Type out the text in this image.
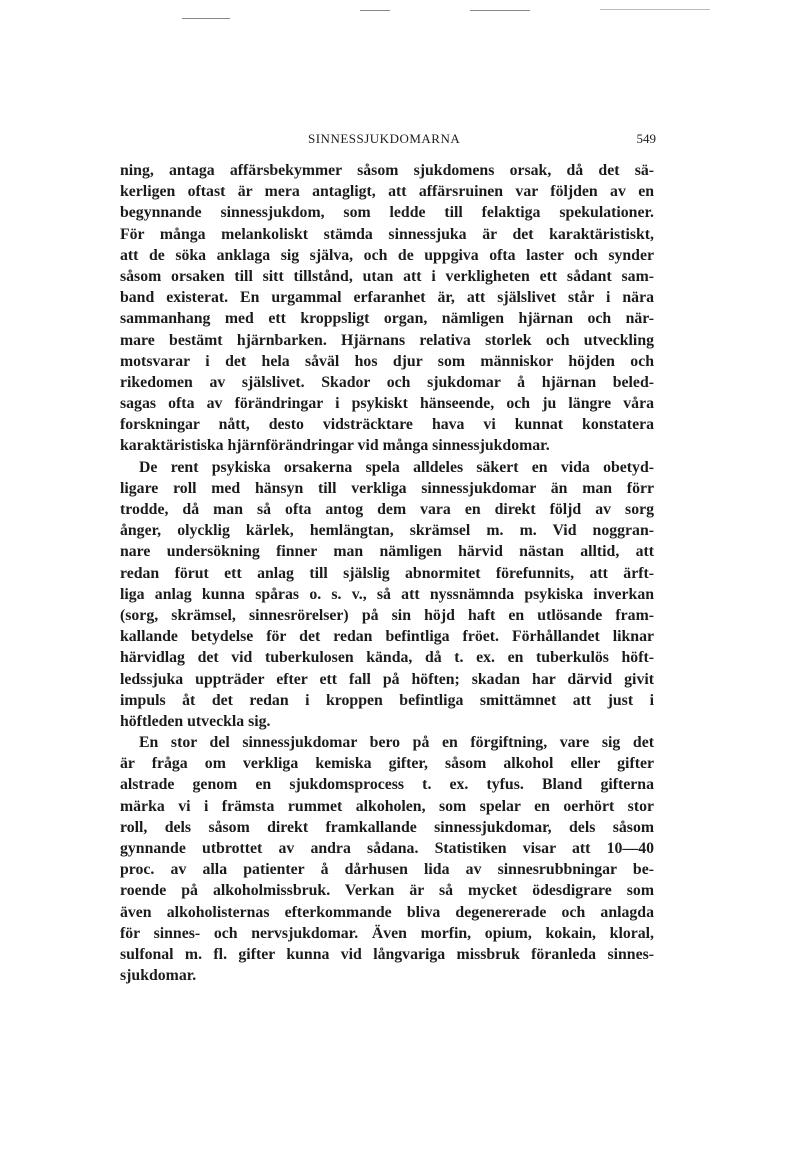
SINNESSJUKDOMARNA	549
ning, antaga affärsbekymmer såsom sjukdomens orsak, då det sä-
kerligen oftast är mera antagligt, att affärsruinen var följden av en
begynnande sinnessjukdom, som ledde till felaktiga spekulationer.
För många melankoliskt stämda sinnessjuka är det karaktäristiskt,
att de söka anklaga sig själva, och de uppgiva ofta laster och synder
såsom orsaken till sitt tillstånd, utan att i verkligheten ett sådant sam-
band existerat. En urgammal erfaranhet är, att själslivet står i nära
sammanhang med ett kroppsligt organ, nämligen hjärnan och när-
mare bestämt hjärnbarken. Hjärnans relativa storlek och utveckling
motsvarar i det hela såväl hos djur som människor höjden och
rikedomen av själslivet. Skador och sjukdomar å hjärnan beled-
sagas ofta av förändringar i psykiskt hänseende, och ju längre våra
forskningar nått, desto vidsträcktare hava vi kunnat konstatera
karaktäristiska hjärnförändringar vid många sinnessjukdomar.
De rent psykiska orsakerna spela alldeles säkert en vida obetyd-
ligare roll med hänsyn till verkliga sinnessjukdomar än man förr
trodde, då man så ofta antog dem vara en direkt följd av sorg
ånger, olycklig kärlek, hemlängtan, skrämsel m. m. Vid noggran-
nare undersökning finner man nämligen härvid nästan alltid, att
redan förut ett anlag till själslig abnormitet förefunnits, att ärft-
liga anlag kunna spåras o. s. v., så att nyssnämnda psykiska inverkan
(sorg, skrämsel, sinnesrörelser) på sin höjd haft en utlösande fram-
kallande betydelse för det redan befintliga fröet. Förhållandet liknar
härvidlag det vid tuberkulosen kända, då t. ex. en tuberkulös höft-
ledssjuka uppträder efter ett fall på höften; skadan har därvid givit
impuls åt det redan i kroppen befintliga smittämnet att just i
höftleden utveckla sig.
En stor del sinnessjukdomar bero på en förgiftning, vare sig det
är fråga om verkliga kemiska gifter, såsom alkohol eller gifter
alstrade genom en sjukdomsprocess t. ex. tyfus. Bland gifterna
märka vi i främsta rummet alkoholen, som spelar en oerhört stor
roll, dels såsom direkt framkallande sinnessjukdomar, dels såsom
gynnande utbrottet av andra sådana. Statistiken visar att 10—40
proc. av alla patienter å dårhusen lida av sinnesrubbningar be-
roende på alkoholmissbruk. Verkan är så mycket ödesdigrare som
även alkoholisternas efterkommande bliva degenererade och anlagda
för sinnes- och nervsjukdomar. Även morfin, opium, kokain, kloral,
sulfonal m. fl. gifter kunna vid långvariga missbruk föranleda sinnes-
sjukdomar.
